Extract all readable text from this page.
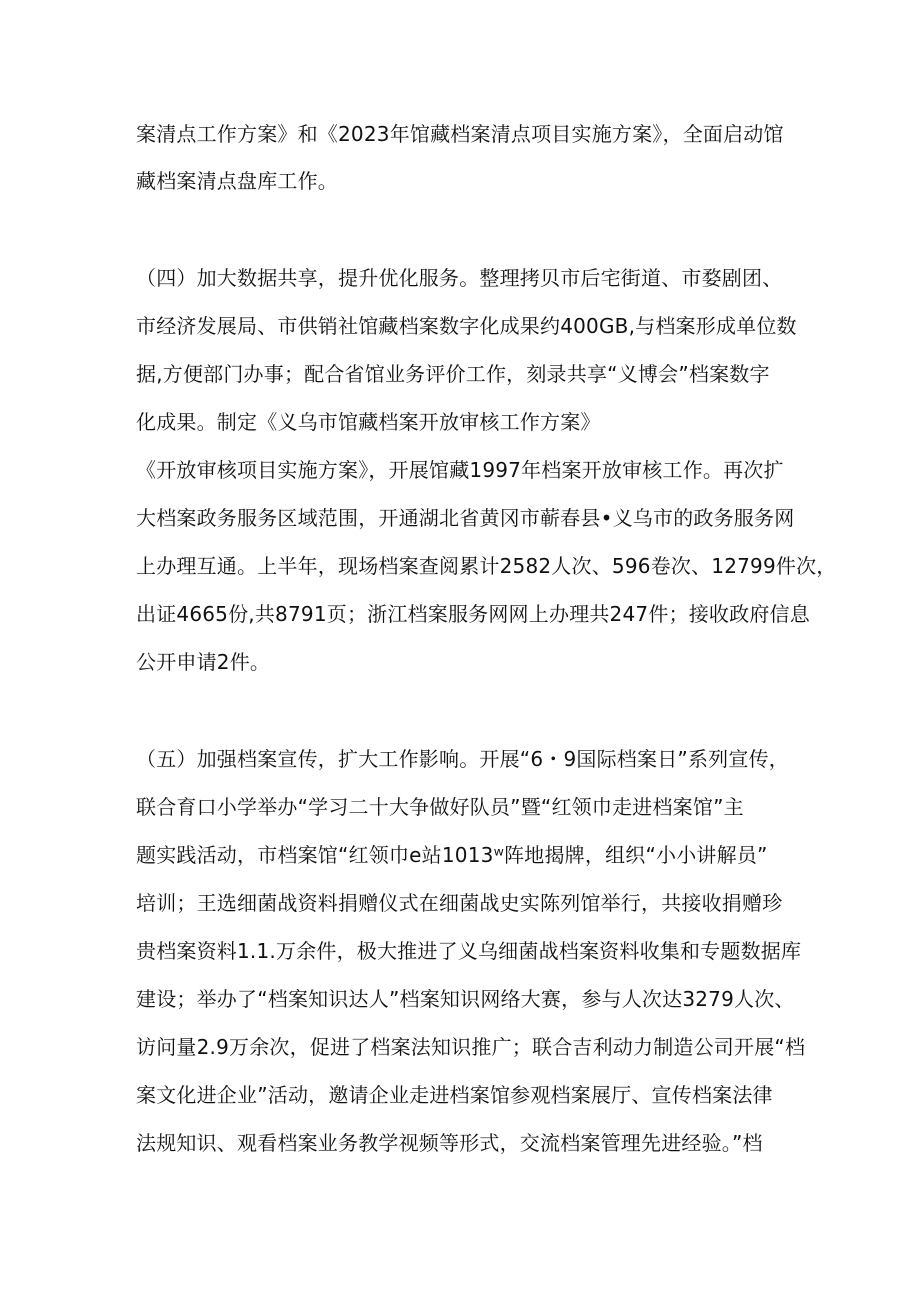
案清点工作方案》和《2023年馆藏档案清点项目实施方案》，全面启动馆
藏档案清点盘库工作。
（四）加大数据共享，提升优化服务。整理拷贝市后宅街道、市婺剧团、
市经济发展局、市供销社馆藏档案数字化成果约400GB,与档案形成单位数
据,方便部门办事；配合省馆业务评价工作，刻录共享“义博会”档案数字
化成果。制定《义乌市馆藏档案开放审核工作方案》
《开放审核项目实施方案》，开展馆藏1997年档案开放审核工作。再次扩
大档案政务服务区域范围，开通湖北省黄冈市蕲春县•义乌市的政务服务网
上办理互通。上半年，现场档案查阅累计2582人次、596卷次、12799件次，
出证4665份,共8791页；浙江档案服务网网上办理共247件；接收政府信息
公开申请2件。
（五）加强档案宣传，扩大工作影响。开展“6・9国际档案日”系列宣传，
联合育口小学举办“学习二十大争做好队员”暨“红领巾走进档案馆”主
题实践活动，市档案馆“红领巾e站1013ʷ阵地揭牌，组织“小小讲解员”
培训；王选细菌战资料捐赠仪式在细菌战史实陈列馆举行，共接收捐赠珍
贵档案资料1.1.万余件，极大推进了义乌细菌战档案资料收集和专题数据库
建设；举办了“档案知识达人”档案知识网络大赛，参与人次达3279人次、
访问量2.9万余次，促进了档案法知识推广；联合吉利动力制造公司开展“档
案文化进企业”活动，邀请企业走进档案馆参观档案展厅、宣传档案法律
法规知识、观看档案业务教学视频等形式，交流档案管理先进经验。”档
